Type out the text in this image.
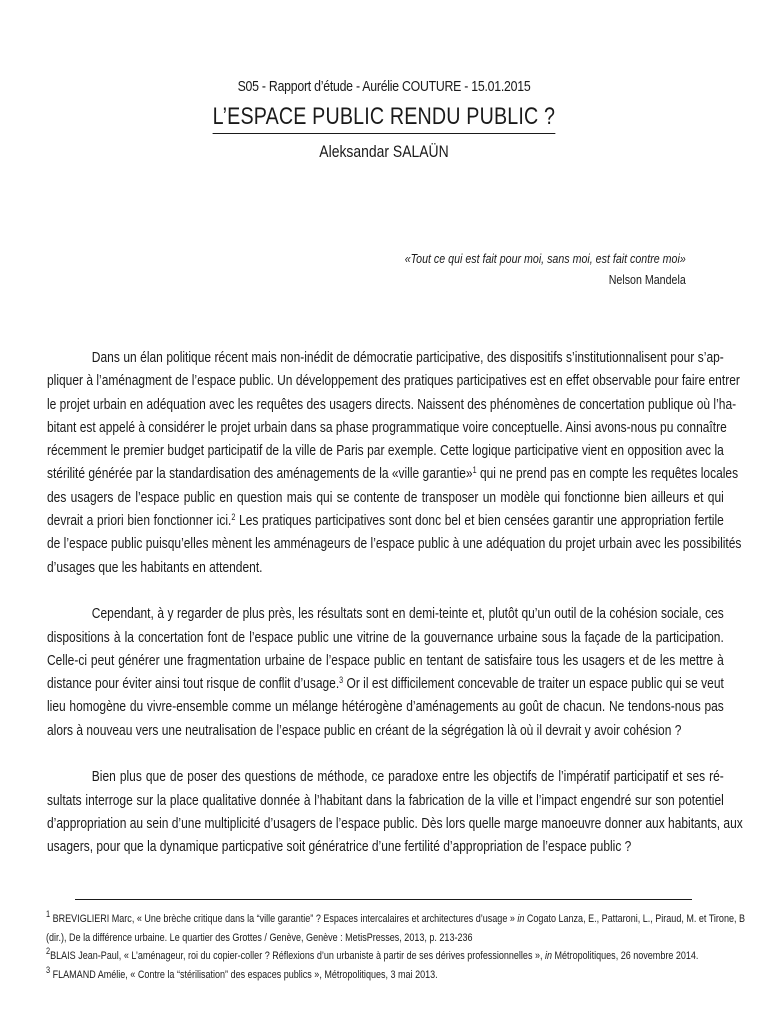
S05 - Rapport d’étude - Aurélie COUTURE - 15.01.2015
L’ESPACE PUBLIC RENDU PUBLIC ?
Aleksandar SALAÜN
«Tout ce qui est fait pour moi, sans moi, est fait contre moi»
Nelson Mandela
Dans un élan politique récent mais non-inédit de démocratie participative, des dispositifs s’institutionnalisent pour s’ap-
pliquer à l’aménagment de l’espace public. Un développement des pratiques participatives est en effet observable pour faire entrer
le projet urbain en adéquation avec les requêtes des usagers directs. Naissent des phénomènes de concertation publique où l’ha-
bitant est appelé à considérer le projet urbain dans sa phase programmatique voire conceptuelle. Ainsi avons-nous pu connaître
récemment le premier budget participatif de la ville de Paris par exemple. Cette logique participative vient en opposition avec la
stérilité générée par la standardisation des aménagements de la «ville garantie»$^1$ qui ne prend pas en compte les requêtes locales
des usagers de l’espace public en question mais qui se contente de transposer un modèle qui fonctionne bien ailleurs et qui
devrait a priori bien fonctionner ici.$^2$ Les pratiques participatives sont donc bel et bien censées garantir une appropriation fertile
de l’espace public puisqu’elles mènent les amménageurs de l’espace public à une adéquation du projet urbain avec les possibilités
d’usages que les habitants en attendent.
Cependant, à y regarder de plus près, les résultats sont en demi-teinte et, plutôt qu’un outil de la cohésion sociale, ces
dispositions à la concertation font de l’espace public une vitrine de la gouvernance urbaine sous la façade de la participation.
Celle-ci peut générer une fragmentation urbaine de l’espace public en tentant de satisfaire tous les usagers et de les mettre à
distance pour éviter ainsi tout risque de conflit d’usage.$^3$ Or il est difficilement concevable de traiter un espace public qui se veut
lieu homogène du vivre-ensemble comme un mélange hétérogène d’aménagements au goût de chacun. Ne tendons-nous pas
alors à nouveau vers une neutralisation de l’espace public en créant de la ségrégation là où il devrait y avoir cohésion ?
Bien plus que de poser des questions de méthode, ce paradoxe entre les objectifs de l’impératif participatif et ses ré-
sultats interroge sur la place qualitative donnée à l’habitant dans la fabrication de la ville et l’impact engendré sur son potentiel
d’appropriation au sein d’une multiplicité d’usagers de l’espace public. Dès lors quelle marge manoeuvre donner aux habitants, aux
usagers, pour que la dynamique particpative soit génératrice d’une fertilité d’appropriation de l’espace public ?
$^1$ BREVIGLIERI Marc, « Une brèche critique dans la “ville garantie” ? Espaces intercalaires et architectures d’usage » in Cogato Lanza, E., Pattaroni, L., Piraud, M. et Tirone, B
(dir.), De la différence urbaine. Le quartier des Grottes / Genève, Genève : MetisPresses, 2013, p. 213-236
$^2$BLAIS Jean-Paul, « L’aménageur, roi du copier-coller ? Réflexions d’un urbaniste à partir de ses dérives professionnelles », in Métropolitiques, 26 novembre 2014.
$^3$ FLAMAND Amélie, « Contre la “stérilisation” des espaces publics », Métropolitiques, 3 mai 2013.
